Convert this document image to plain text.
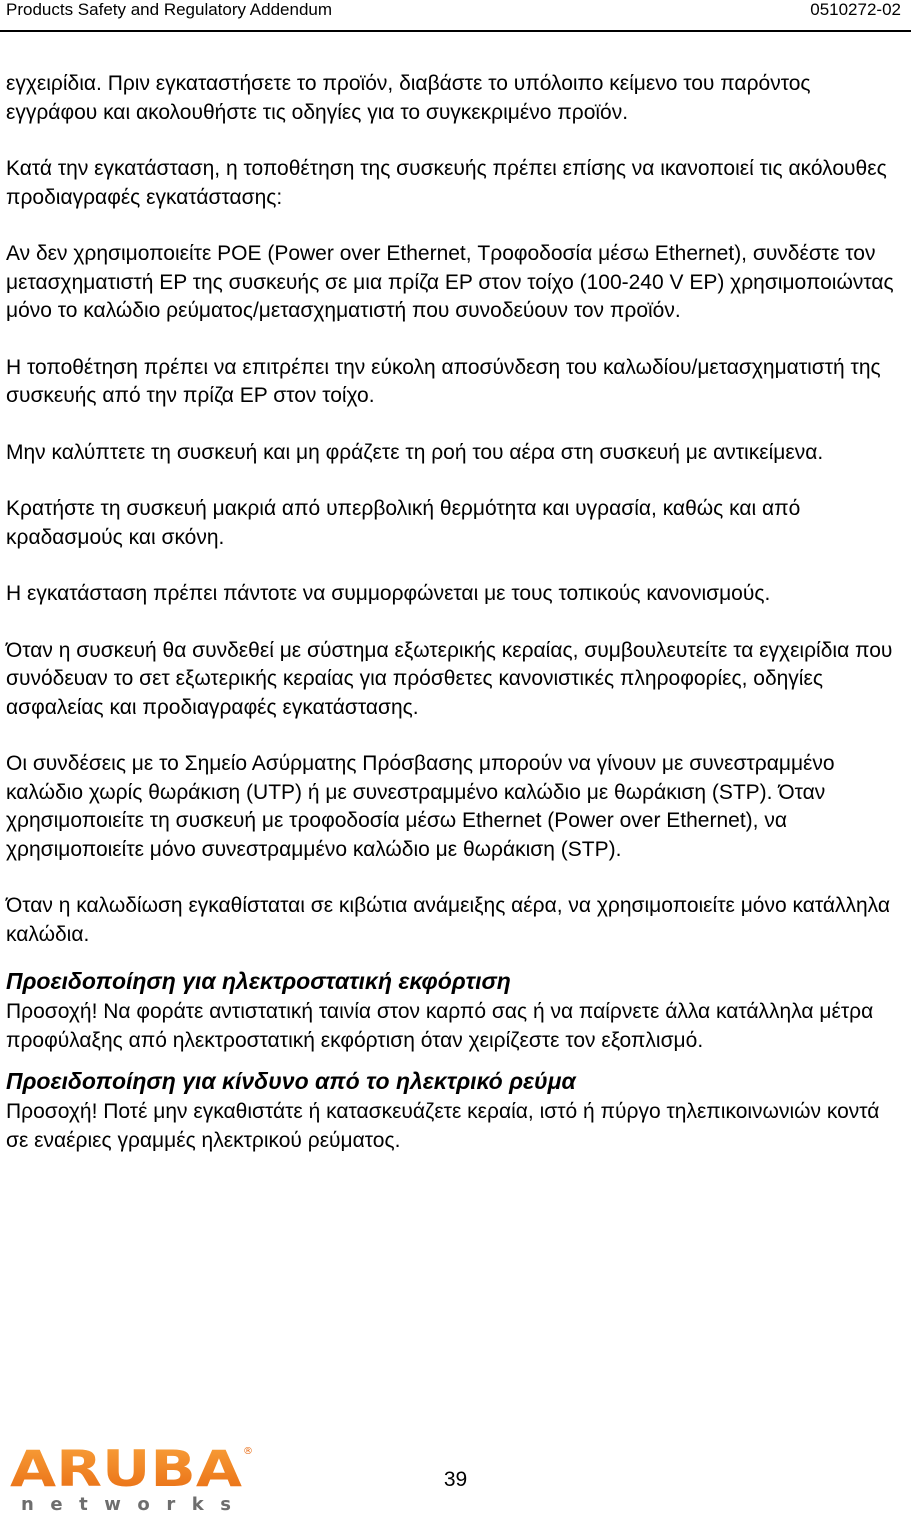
Products Safety and Regulatory Addendum	0510272-02

εγχειρίδια. Πριν εγκαταστήσετε το προϊόν, διαβάστε το υπόλοιπο κείμενο του παρόντος εγγράφου και ακολουθήστε τις οδηγίες για το συγκεκριμένο προϊόν.

Κατά την εγκατάσταση, η τοποθέτηση της συσκευής πρέπει επίσης να ικανοποιεί τις ακόλουθες προδιαγραφές εγκατάστασης:

Αν δεν χρησιμοποιείτε POE (Power over Ethernet, Τροφοδοσία μέσω Ethernet), συνδέστε τον μετασχηματιστή ΕΡ της συσκευής σε μια πρίζα ΕΡ στον τοίχο (100-240 V ΕΡ) χρησιμοποιώντας μόνο το καλώδιο ρεύματος/μετασχηματιστή που συνοδεύουν τον προϊόν.

Η τοποθέτηση πρέπει να επιτρέπει την εύκολη αποσύνδεση του καλωδίου/μετασχηματιστή της συσκευής από την πρίζα ΕΡ στον τοίχο.

Μην καλύπτετε τη συσκευή και μη φράζετε τη ροή του αέρα στη συσκευή με αντικείμενα.

Κρατήστε τη συσκευή μακριά από υπερβολική θερμότητα και υγρασία, καθώς και από κραδασμούς και σκόνη.

Η εγκατάσταση πρέπει πάντοτε να συμμορφώνεται με τους τοπικούς κανονισμούς.

Όταν η συσκευή θα συνδεθεί με σύστημα εξωτερικής κεραίας, συμβουλευτείτε τα εγχειρίδια που συνόδευαν το σετ εξωτερικής κεραίας για πρόσθετες κανονιστικές πληροφορίες, οδηγίες ασφαλείας και προδιαγραφές εγκατάστασης.

Οι συνδέσεις με το Σημείο Ασύρματης Πρόσβασης μπορούν να γίνουν με συνεστραμμένο καλώδιο χωρίς θωράκιση (UTP) ή με συνεστραμμένο καλώδιο με θωράκιση (STP). Όταν χρησιμοποιείτε τη συσκευή με τροφοδοσία μέσω Ethernet (Power over Ethernet), να χρησιμοποιείτε μόνο συνεστραμμένο καλώδιο με θωράκιση (STP).

Όταν η καλωδίωση εγκαθίσταται σε κιβώτια ανάμειξης αέρα, να χρησιμοποιείτε μόνο κατάλληλα καλώδια.

Προειδοποίηση για ηλεκτροστατική εκφόρτιση

Προσοχή! Να φοράτε αντιστατική ταινία στον καρπό σας ή να παίρνετε άλλα κατάλληλα μέτρα προφύλαξης από ηλεκτροστατική εκφόρτιση όταν χειρίζεστε τον εξοπλισμό.

Προειδοποίηση για κίνδυνο από το ηλεκτρικό ρεύμα

Προσοχή! Ποτέ μην εγκαθιστάτε ή κατασκευάζετε κεραία, ιστό ή πύργο τηλεπικοινωνιών κοντά σε εναέριες γραμμές ηλεκτρικού ρεύματος.

ARUBA ®
networks
39
